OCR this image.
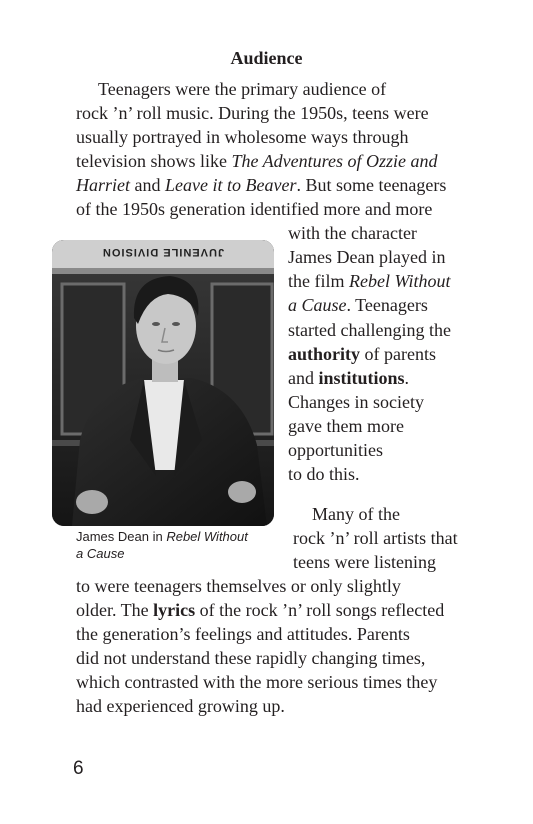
Audience
Teenagers were the primary audience of
rock ’n’ roll music. During the 1950s, teens were
usually portrayed in wholesome ways through
television shows like The Adventures of Ozzie and
Harriet and Leave it to Beaver. But some teenagers
of the 1950s generation identified more and more
with the character
James Dean played in
the film Rebel Without
a Cause. Teenagers
started challenging the
authority of parents
and institutions.
Changes in society
gave them more
opportunities
to do this.
JUVENILE DIVISION
James Dean in Rebel Without
a Cause
Many of the
rock ’n’ roll artists that
teens were listening
to were teenagers themselves or only slightly
older. The lyrics of the rock ’n’ roll songs reflected
the generation’s feelings and attitudes. Parents
did not understand these rapidly changing times,
which contrasted with the more serious times they
had experienced growing up.
6
